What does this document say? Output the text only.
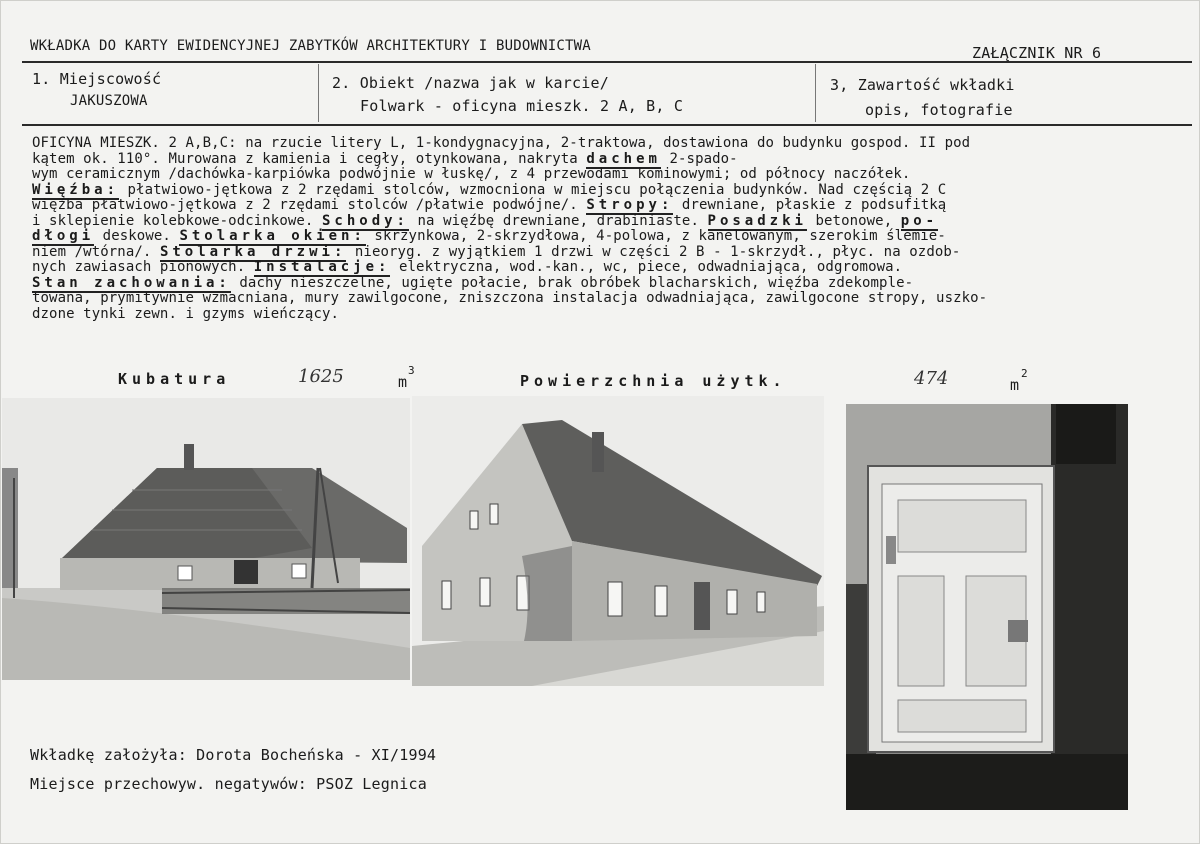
WKŁADKA DO KARTY EWIDENCYJNEJ ZABYTKÓW ARCHITEKTURY I BUDOWNICTWA	ZAŁĄCZNIK NR 6
1. Miejscowość
JAKUSZOWA
2. Obiekt /nazwa jak w karcie/
Folwark - oficyna mieszk. 2 A, B, C
3, Zawartość wkładki
opis, fotografie

OFICYNA MIESZK. 2 A,B,C: na rzucie litery L, 1-kondygnacyjna, 2-traktowa, dostawiona do budynku gospod. II pod

kątem ok. 110°. Murowana z kamienia i cegły, otynkowana, nakryta dachem 2-spado-

wym ceramicznym /dachówka-karpiówka podwójnie w łuskę/, z 4 przewodami kominowymi; od północy naczółek.

Więźba: płatwiowo-jętkowa z 2 rzędami stolców, wzmocniona w miejscu połączenia budynków. Nad częścią 2 C

więźba płatwiowo-jętkowa z 2 rzędami stolców /płatwie podwójne/. Stropy: drewniane, płaskie z podsufitką

i sklepienie kolebkowe-odcinkowe. Schody: na więźbę drewniane, drabiniaste. Posadzki betonowe, po-

dłogi deskowe. Stolarka okien: skrzynkowa, 2-skrzydłowa, 4-polowa, z kanelowanym, szerokim ślemie-

niem /wtórna/. Stolarka drzwi: nieoryg. z wyjątkiem 1 drzwi w części 2 B - 1-skrzydł., płyc. na ozdob-

nych zawiasach pionowych. Instalacje: elektryczna, wod.-kan., wc, piece, odwadniająca, odgromowa.

Stan zachowania: dachy nieszczelne, ugięte połacie, brak obróbek blacharskich, więźba zdekomple-

towana, prymitywnie wzmacniana, mury zawilgocone, zniszczona instalacja odwadniająca, zawilgocone stropy, uszko-

dzone tynki zewn. i gzyms wieńczący.

Kubatura	1625	m
3
Powierzchnia użytk.	474	m
2
Wkładkę założyła: Dorota Bocheńska - XI/1994
Miejsce przechowyw. negatywów: PSOZ Legnica
